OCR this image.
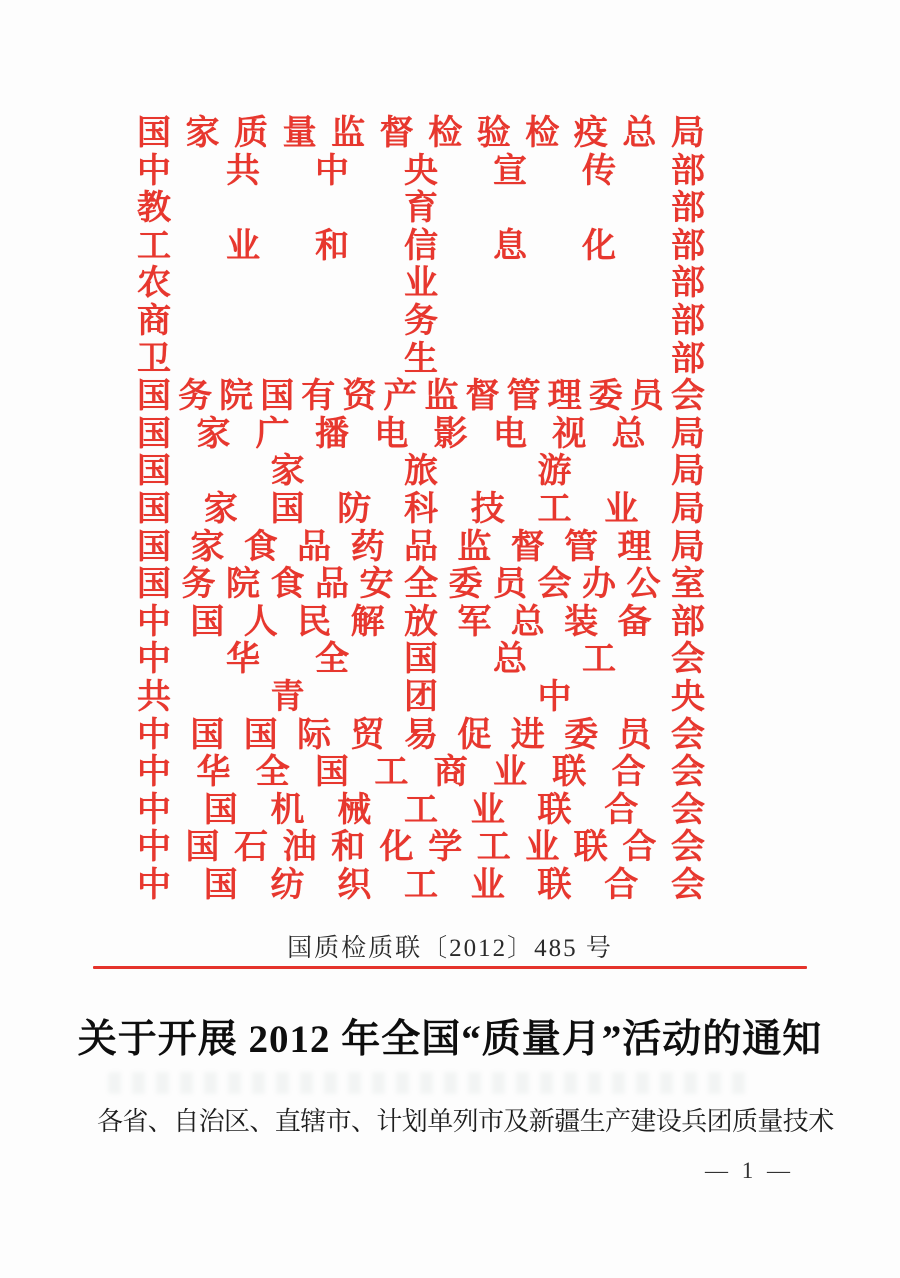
国 家 质 量 监 督 检 验 检 疫 总 局
中 共 中 央 宣 传 部
教	育	部
工 业 和 信 息 化 部
农	业	部
商	务	部
卫	生	部
国 务 院 国 有 资 产 监 督 管 理 委 员 会
国 家 广 播 电 影 电 视 总 局
国	家	旅	游	局
国 家 国 防 科 技 工 业 局
国 家 食 品 药 品 监 督 管 理 局
国 务 院 食 品 安 全 委 员 会 办 公 室
中 国 人 民 解 放 军 总 装 备 部
中 华 全 国 总 工 会
共	青	团	中	央
中 国 国 际 贸 易 促 进 委 员 会
中 华 全 国 工 商 业 联 合 会
中 国 机 械 工 业 联 合 会
中 国 石 油 和 化 学 工 业 联 合 会
中 国 纺 织 工 业 联 合 会
国质检质联〔2012〕485 号
关于开展 2012 年全国“质量月”活动的通知
各省、自治区、直辖市、计划单列市及新疆生产建设兵团质量技术
— 1 —
